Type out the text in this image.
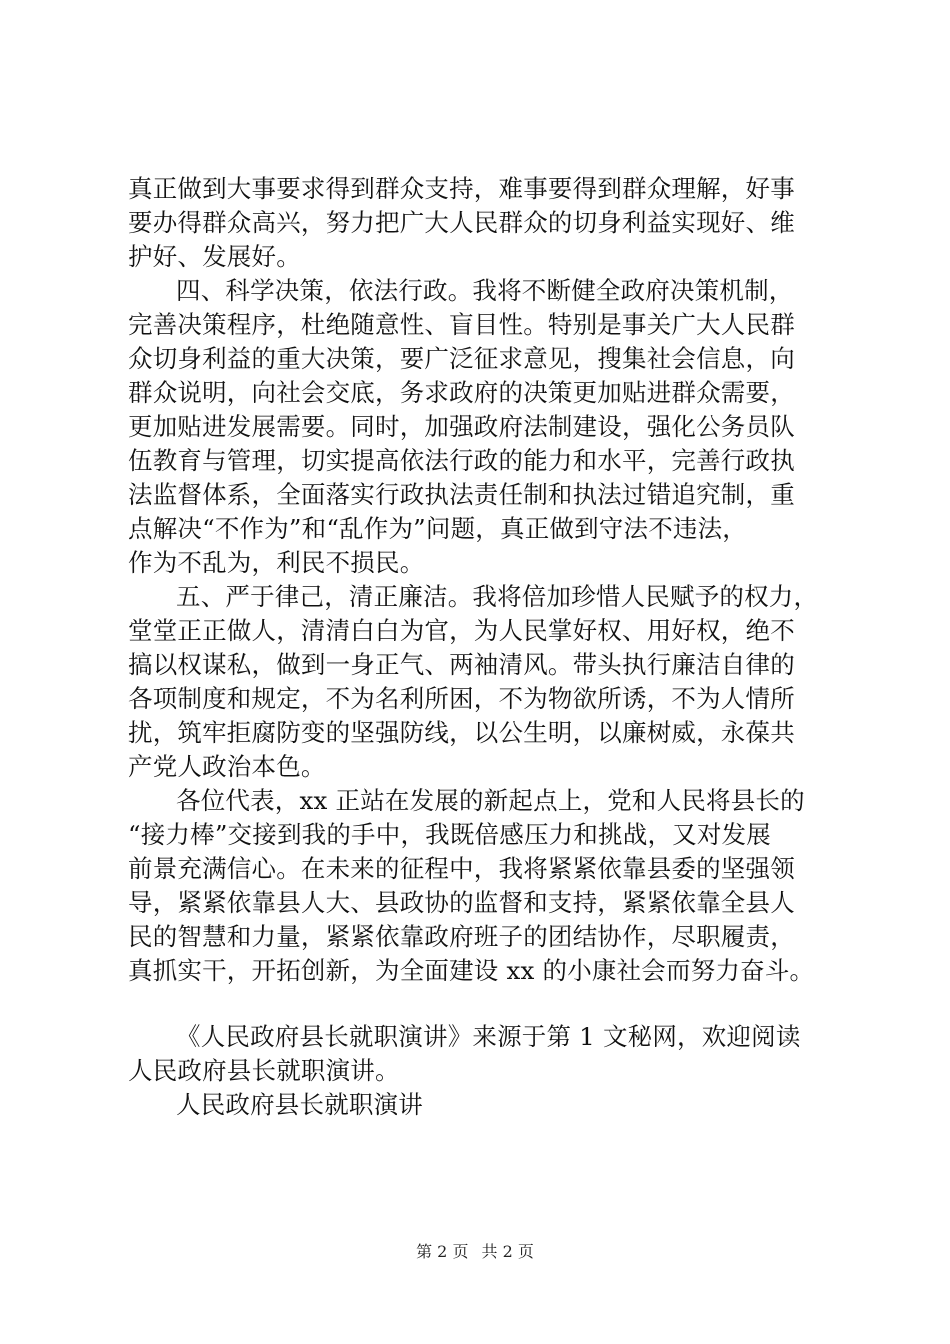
真正做到大事要求得到群众支持，难事要得到群众理解，好事
要办得群众高兴，努力把广大人民群众的切身利益实现好、维
护好、发展好。
四、科学决策，依法行政。我将不断健全政府决策机制，
完善决策程序，杜绝随意性、盲目性。特别是事关广大人民群
众切身利益的重大决策，要广泛征求意见，搜集社会信息，向
群众说明，向社会交底，务求政府的决策更加贴进群众需要，
更加贴进发展需要。同时，加强政府法制建设，强化公务员队
伍教育与管理，切实提高依法行政的能力和水平，完善行政执
法监督体系，全面落实行政执法责任制和执法过错追究制，重
点解决“不作为”和“乱作为”问题，真正做到守法不违法，
作为不乱为，利民不损民。
五、严于律己，清正廉洁。我将倍加珍惜人民赋予的权力，
堂堂正正做人，清清白白为官，为人民掌好权、用好权，绝不
搞以权谋私，做到一身正气、两袖清风。带头执行廉洁自律的
各项制度和规定，不为名利所困，不为物欲所诱，不为人情所
扰，筑牢拒腐防变的坚强防线，以公生明，以廉树威，永葆共
产党人政治本色。
各位代表，xx 正站在发展的新起点上，党和人民将县长的
“接力棒”交接到我的手中，我既倍感压力和挑战，又对发展
前景充满信心。在未来的征程中，我将紧紧依靠县委的坚强领
导，紧紧依靠县人大、县政协的监督和支持，紧紧依靠全县人
民的智慧和力量，紧紧依靠政府班子的团结协作，尽职履责，
真抓实干，开拓创新，为全面建设 xx 的小康社会而努力奋斗。
《人民政府县长就职演讲》来源于第 1 文秘网，欢迎阅读
人民政府县长就职演讲。
人民政府县长就职演讲
第 2 页 共 2 页
